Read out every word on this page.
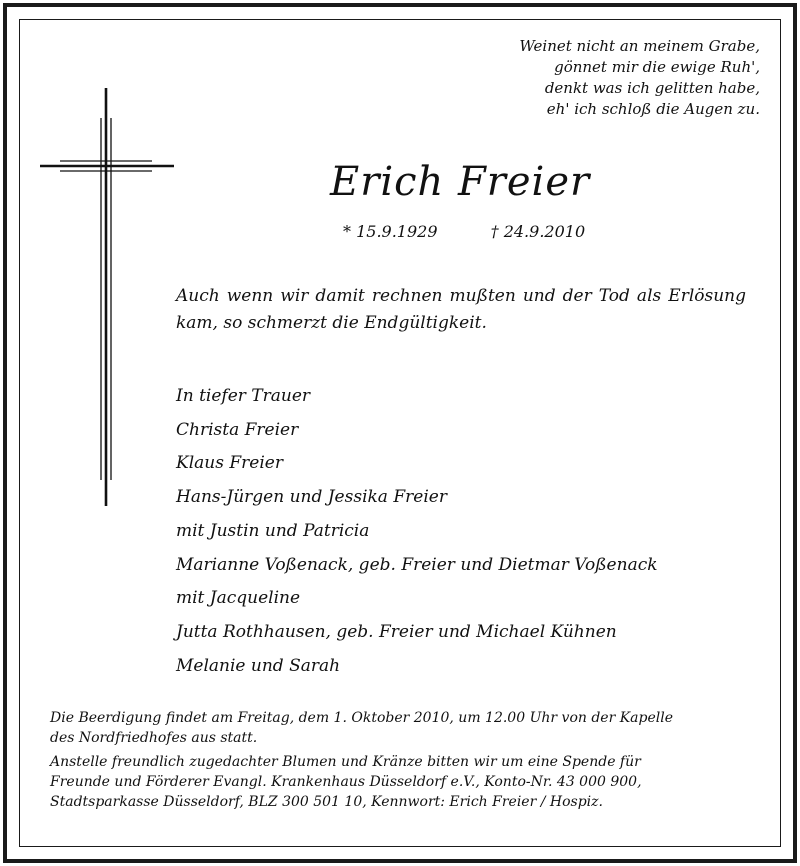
Weinet nicht an meinem Grabe,
gönnet mir die ewige Ruh',
denkt was ich gelitten habe,
eh' ich schloß die Augen zu.
Erich Freier
* 15.9.1929	† 24.9.2010
Auch wenn wir damit rechnen mußten und der Tod als Erlösung kam, so schmerzt die Endgültigkeit.
In tiefer Trauer
Christa Freier
Klaus Freier
Hans-Jürgen und Jessika Freier
mit Justin und Patricia
Marianne Voßenack, geb. Freier und Dietmar Voßenack
mit Jacqueline
Jutta Rothhausen, geb. Freier und Michael Kühnen
Melanie und Sarah
Die Beerdigung findet am Freitag, dem 1. Oktober 2010, um 12.00 Uhr von der Kapelle
des Nordfriedhofes aus statt.
Anstelle freundlich zugedachter Blumen und Kränze bitten wir um eine Spende für
Freunde und Förderer Evangl. Krankenhaus Düsseldorf e.V., Konto-Nr. 43 000 900,
Stadtsparkasse Düsseldorf, BLZ 300 501 10, Kennwort: Erich Freier / Hospiz.
